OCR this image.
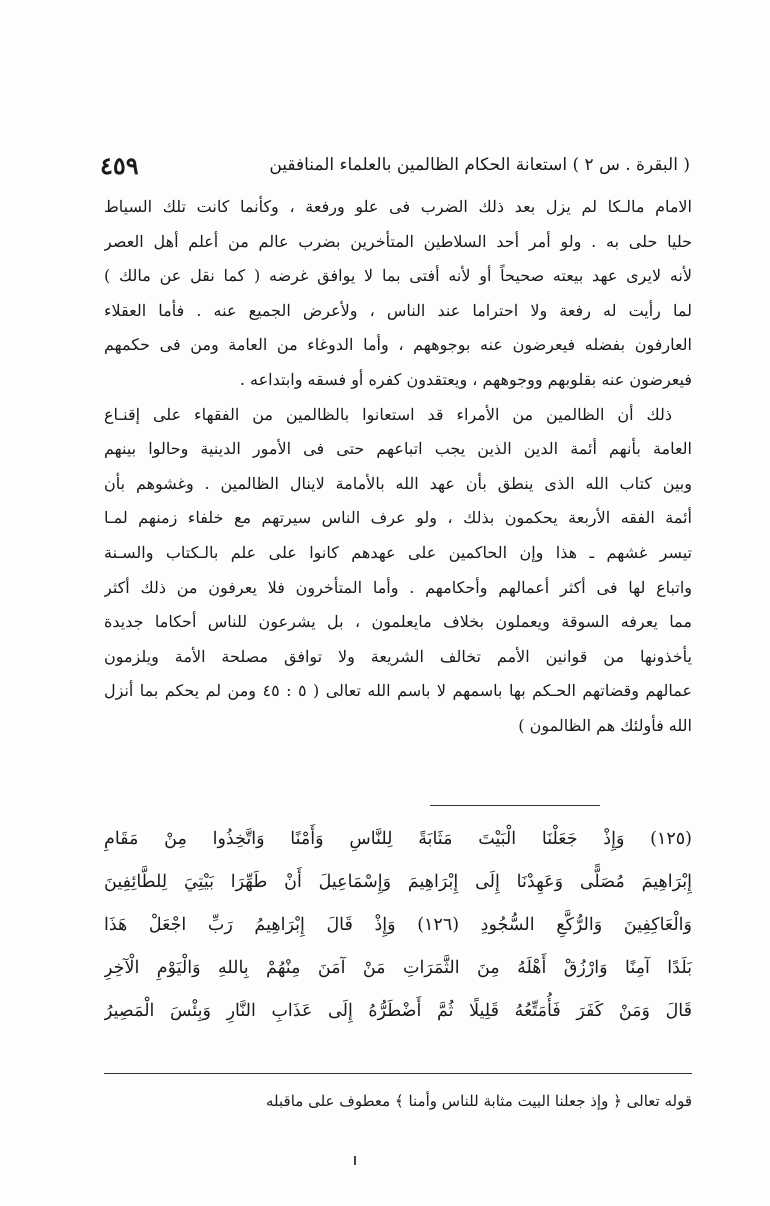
( البقرة . س ٢ ) استعانة الحكام الظالمين بالعلماء المنافقين
٤٥٩

الامام مالـكا لم يزل بعد ذلك الضرب فى علو ورفعة ، وكأنما كانت تلك السياط

حليا حلى به . ولو أمر أحد السلاطين المتأخرين بضرب عالم من أعلم أهل العصر

لأنه لايرى عهد بيعته صحيحاً أو لأنه أفتى بما لا يوافق غرضه ( كما نقل عن مالك )

لما رأيت له رفعة ولا احتراما عند الناس ، ولأعرض الجميع عنه . فأما العقلاء

العارفون بفضله فيعرضون عنه بوجوههم ، وأما الدوغاء من العامة ومن فى حكمهم

فيعرضون عنه بقلوبهم ووجوههم ، ويعتقدون كفره أو فسقه وابتداعه .

ذلك أن الظالمين من الأمراء قد استعانوا بالظالمين من الفقهاء على إقنـاع

العامة بأنهم أئمة الدين الذين يجب اتباعهم حتى فى الأمور الدينية وحالوا بينهم

وبين كتاب الله الذى ينطق بأن عهد الله بالأمامة لاينال الظالمين . وغشوهم بأن

أئمة الفقه الأربعة يحكمون بذلك ، ولو عرف الناس سيرتهم مع خلفاء زمنهم لمـا

تيسر غشهم ـ هذا وإن الحاكمين على عهدهم كانوا على علم بالـكتاب والسـنة

واتباع لها فى أكثر أعمالهم وأحكامهم . وأما المتأخرون فلا يعرفون من ذلك أكثر

مما يعرفه السوقة ويعملون بخلاف مايعلمون ، بل يشرعون للناس أحكاما جديدة

يأخذونها من قوانين الأمم تخالف الشريعة ولا توافق مصلحة الأمة ويلزمون

عمالهم وقضاتهم الحـكم بها باسمهم لا باسم الله تعالى ( ٥ : ٤٥ ومن لم يحكم بما أنزل

الله فأولئك هم الظالمون )

(١٢٥) وَإِذْ جَعَلْنَا الْبَيْتَ مَثَابَةً لِلنَّاسِ وَأَمْنًا وَاتَّخِذُوا مِنْ مَقَامِ

إِبْرَاهِيمَ مُصَلًّى وَعَهِدْنَا إِلَى إِبْرَاهِيمَ وَإِسْمَاعِيلَ أَنْ طَهِّرَا بَيْتِيَ لِلطَّائِفِينَ

وَالْعَاكِفِينَ وَالرُّكَّعِ السُّجُودِ (١٢٦) وَإِذْ قَالَ إِبْرَاهِيمُ رَبِّ اجْعَلْ هَذَا

بَلَدًا آمِنًا وَارْزُقْ أَهْلَهُ مِنَ الثَّمَرَاتِ مَنْ آمَنَ مِنْهُمْ بِاللهِ وَالْيَوْمِ الْآخِرِ

قَالَ وَمَنْ كَفَرَ فَأُمَتِّعُهُ قَلِيلًا ثُمَّ أَضْطَرُّهُ إِلَى عَذَابِ النَّارِ وَبِئْسَ الْمَصِيرُ

قوله تعالى ﴿ وإذ جعلنا البيت مثابة للناس وأمنا ﴾ معطوف على ماقبله
